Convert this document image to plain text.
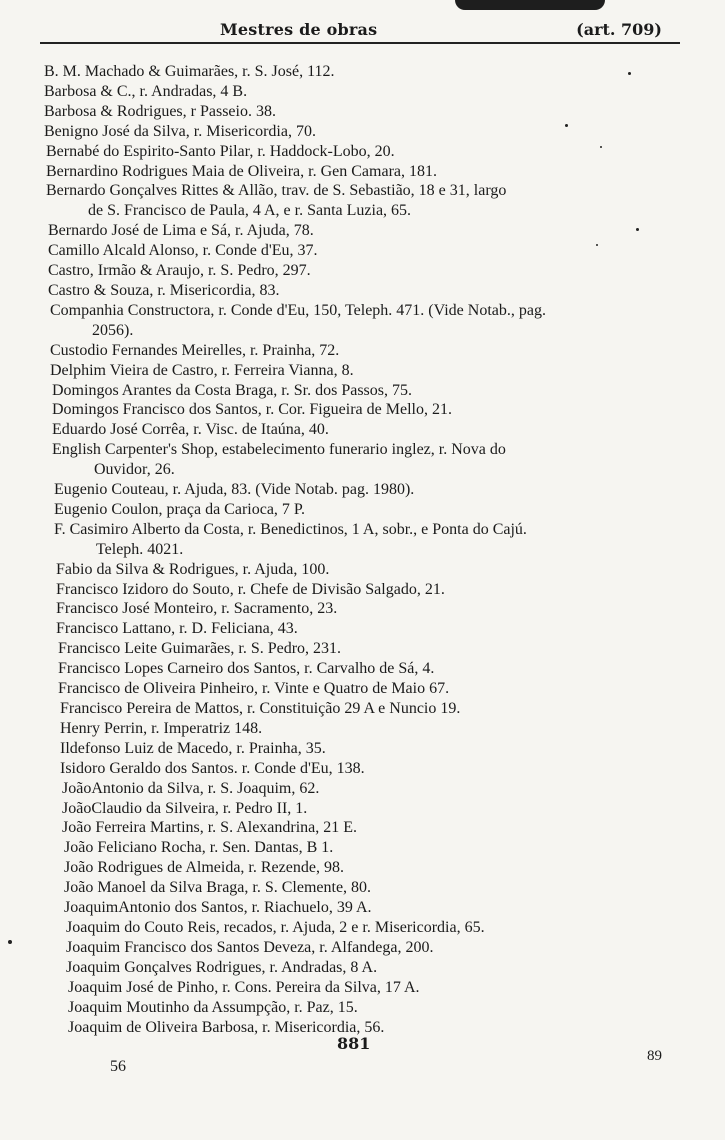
Mestres de obras	(art. 709)
B. M. Machado & Guimarães, r. S. José, 112.
Barbosa & C., r. Andradas, 4 B.
Barbosa & Rodrigues, r Passeio. 38.
Benigno José da Silva, r. Misericordia, 70.
Bernabé do Espirito-Santo Pilar, r. Haddock-Lobo, 20.
Bernardino Rodrigues Maia de Oliveira, r. Gen Camara, 181.
Bernardo Gonçalves Rittes & Allão, trav. de S. Sebastião, 18 e 31, largo
de S. Francisco de Paula, 4 A, e r. Santa Luzia, 65.
Bernardo José de Lima e Sá, r. Ajuda, 78.
Camillo Alcald Alonso, r. Conde d'Eu, 37.
Castro, Irmão & Araujo, r. S. Pedro, 297.
Castro & Souza, r. Misericordia, 83.
Companhia Constructora, r. Conde d'Eu, 150, Teleph. 471. (Vide Notab., pag.
2056).
Custodio Fernandes Meirelles, r. Prainha, 72.
Delphim Vieira de Castro, r. Ferreira Vianna, 8.
Domingos Arantes da Costa Braga, r. Sr. dos Passos, 75.
Domingos Francisco dos Santos, r. Cor. Figueira de Mello, 21.
Eduardo José Corrêa, r. Visc. de Itaúna, 40.
English Carpenter's Shop, estabelecimento funerario inglez, r. Nova do
Ouvidor, 26.
Eugenio Couteau, r. Ajuda, 83. (Vide Notab. pag. 1980).
Eugenio Coulon, praça da Carioca, 7 P.
F. Casimiro Alberto da Costa, r. Benedictinos, 1 A, sobr., e Ponta do Cajú.
Teleph. 4021.
Fabio da Silva & Rodrigues, r. Ajuda, 100.
Francisco Izidoro do Souto, r. Chefe de Divisão Salgado, 21.
Francisco José Monteiro, r. Sacramento, 23.
Francisco Lattano, r. D. Feliciana, 43.
Francisco Leite Guimarães, r. S. Pedro, 231.
Francisco Lopes Carneiro dos Santos, r. Carvalho de Sá, 4.
Francisco de Oliveira Pinheiro, r. Vinte e Quatro de Maio 67.
Francisco Pereira de Mattos, r. Constituição 29 A e Nuncio 19.
Henry Perrin, r. Imperatriz 148.
Ildefonso Luiz de Macedo, r. Prainha, 35.
Isidoro Geraldo dos Santos. r. Conde d'Eu, 138.
JoãoAntonio da Silva, r. S. Joaquim, 62.
JoãoClaudio da Silveira, r. Pedro II, 1.
João Ferreira Martins, r. S. Alexandrina, 21 E.
João Feliciano Rocha, r. Sen. Dantas, B 1.
João Rodrigues de Almeida, r. Rezende, 98.
João Manoel da Silva Braga, r. S. Clemente, 80.
JoaquimAntonio dos Santos, r. Riachuelo, 39 A.
Joaquim do Couto Reis, recados, r. Ajuda, 2 e r. Misericordia, 65.
Joaquim Francisco dos Santos Deveza, r. Alfandega, 200.
Joaquim Gonçalves Rodrigues, r. Andradas, 8 A.
Joaquim José de Pinho, r. Cons. Pereira da Silva, 17 A.
Joaquim Moutinho da Assumpção, r. Paz, 15.
Joaquim de Oliveira Barbosa, r. Misericordia, 56.
881
56
89
